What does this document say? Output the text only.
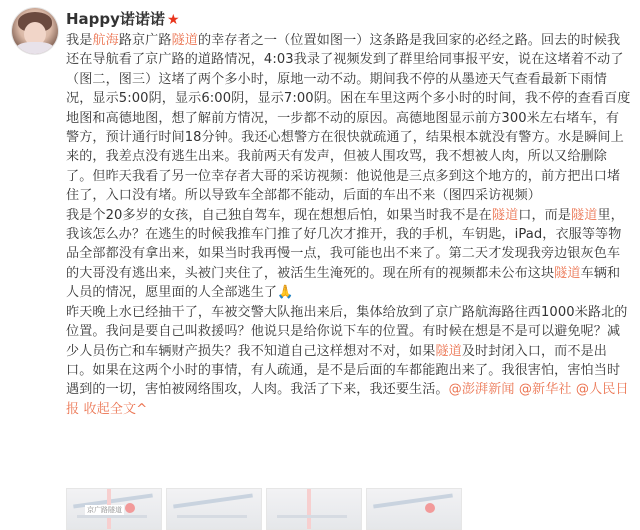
Happy诺诺诺 ★
我是航海路京广路隧道的幸存者之一（位置如图一）这条路是我回家的必经之路。回去的时候我还在导航看了京广路的道路情况，4:03我录了视频发到了群里给同事报平安，说在这堵着不动了（图二，图三）这堵了两个多小时，原地一动不动。期间我不停的从墨迹天气查看最新下雨情况，显示5:00阴，显示6:00阴，显示7:00阴。困在车里这两个多小时的时间，我不停的查看百度地图和高德地图，想了解前方情况，一步都不动的原因。高德地图显示前方300米左右堵车，有警方，预计通行时间18分钟。我还心想警方在很快就疏通了，结果根本就没有警方。水是瞬间上来的，我差点没有逃生出来。我前两天有发声，但被人围攻骂，我不想被人肉，所以又给删除了。但昨天我看了另一位幸存者大哥的采访视频：他说他是三点多到这个地方的，前方把出口堵住了，入口没有堵。所以导致车全部都不能动，后面的车出不来（图四采访视频）
我是个20多岁的女孩，自己独自驾车，现在想想后怕，如果当时我不是在隧道口，而是隧道里，我该怎么办？在逃生的时候我推车门推了好几次才推开，我的手机，车钥匙，iPad，衣服等等物品全部都没有拿出来，如果当时我再慢一点，我可能也出不来了。第二天才发现我旁边银灰色车的大哥没有逃出来，头被门夹住了，被活生生淹死的。现在所有的视频都未公布这块隧道车辆和人员的情况，愿里面的人全部逃生了🙏
昨天晚上水已经抽干了，车被交警大队拖出来后，集体给放到了京广路航海路往西1000米路北的位置。我问是要自己叫救援吗？他说只是给你说下车的位置。有时候在想是不是可以避免呢？减少人员伤亡和车辆财产损失？我不知道自己这样想对不对，如果隧道及时封闭入口，而不是出口。如果在这两个小时的事情，有人疏通，是不是后面的车都能跑出来了。我很害怕，害怕当时遇到的一切，害怕被网络围攻，人肉。我活了下来，我还要生活。@澎湃新闻 @新华社 @人民日报 收起全文^
京广路隧道
